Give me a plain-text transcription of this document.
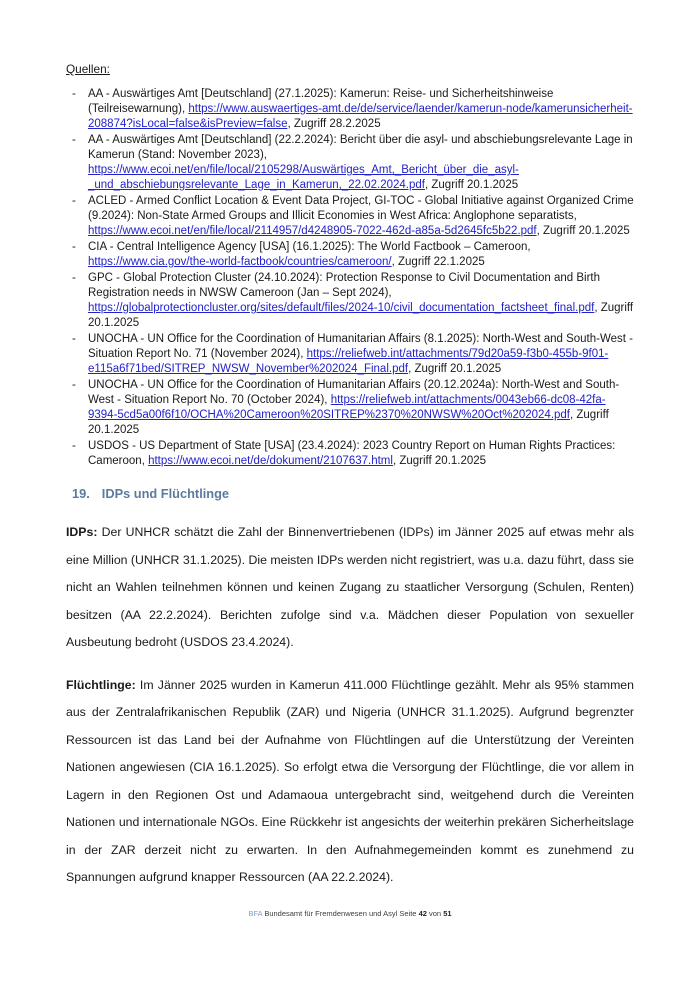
Quellen:
- AA - Auswärtiges Amt [Deutschland] (27.1.2025): Kamerun: Reise- und Sicherheitshinweise (Teilreisewarnung), https://www.auswaertiges-amt.de/de/service/laender/kamerun-node/kamerunsicherheit-208874?isLocal=false&isPreview=false, Zugriff 28.2.2025
- AA - Auswärtiges Amt [Deutschland] (22.2.2024): Bericht über die asyl- und abschiebungsrelevante Lage in Kamerun (Stand: November 2023), https://www.ecoi.net/en/file/local/2105298/Auswärtiges_Amt,_Bericht_über_die_asyl-_und_abschiebungsrelevante_Lage_in_Kamerun,_22.02.2024.pdf, Zugriff 20.1.2025
- ACLED - Armed Conflict Location & Event Data Project, GI-TOC - Global Initiative against Organized Crime (9.2024): Non-State Armed Groups and Illicit Economies in West Africa: Anglophone separatists, https://www.ecoi.net/en/file/local/2114957/d4248905-7022-462d-a85a-5d2645fc5b22.pdf, Zugriff 20.1.2025
- CIA - Central Intelligence Agency [USA] (16.1.2025): The World Factbook – Cameroon, https://www.cia.gov/the-world-factbook/countries/cameroon/, Zugriff 22.1.2025
- GPC - Global Protection Cluster (24.10.2024): Protection Response to Civil Documentation and Birth Registration needs in NWSW Cameroon (Jan – Sept 2024), https://globalprotectioncluster.org/sites/default/files/2024-10/civil_documentation_factsheet_final.pdf, Zugriff 20.1.2025
- UNOCHA - UN Office for the Coordination of Humanitarian Affairs (8.1.2025): North-West and South-West - Situation Report No. 71 (November 2024), https://reliefweb.int/attachments/79d20a59-f3b0-455b-9f01-e115a6f71bed/SITREP_NWSW_November%202024_Final.pdf, Zugriff 20.1.2025
- UNOCHA - UN Office for the Coordination of Humanitarian Affairs (20.12.2024a): North-West and South-West - Situation Report No. 70 (October 2024), https://reliefweb.int/attachments/0043eb66-dc08-42fa-9394-5cd5a00f6f10/OCHA%20Cameroon%20SITREP%2370%20NWSW%20Oct%202024.pdf, Zugriff 20.1.2025
- USDOS - US Department of State [USA] (23.4.2024): 2023 Country Report on Human Rights Practices: Cameroon, https://www.ecoi.net/de/dokument/2107637.html, Zugriff 20.1.2025
19. IDPs und Flüchtlinge

IDPs: Der UNHCR schätzt die Zahl der Binnenvertriebenen (IDPs) im Jänner 2025 auf etwas mehr als eine Million (UNHCR 31.1.2025). Die meisten IDPs werden nicht registriert, was u.a. dazu führt, dass sie nicht an Wahlen teilnehmen können und keinen Zugang zu staatlicher Versorgung (Schulen, Renten) besitzen (AA 22.2.2024). Berichten zufolge sind v.a. Mädchen dieser Population von sexueller Ausbeutung bedroht (USDOS 23.4.2024).

Flüchtlinge: Im Jänner 2025 wurden in Kamerun 411.000 Flüchtlinge gezählt. Mehr als 95% stammen aus der Zentralafrikanischen Republik (ZAR) und Nigeria (UNHCR 31.1.2025). Aufgrund begrenzter Ressourcen ist das Land bei der Aufnahme von Flüchtlingen auf die Unterstützung der Vereinten Nationen angewiesen (CIA 16.1.2025). So erfolgt etwa die Versorgung der Flüchtlinge, die vor allem in Lagern in den Regionen Ost und Adamaoua untergebracht sind, weitgehend durch die Vereinten Nationen und internationale NGOs. Eine Rückkehr ist angesichts der weiterhin prekären Sicherheitslage in der ZAR derzeit nicht zu erwarten. In den Aufnahmegemeinden kommt es zunehmend zu Spannungen aufgrund knapper Ressourcen (AA 22.2.2024).

BFA Bundesamt für Fremdenwesen und Asyl Seite 42 von 51
